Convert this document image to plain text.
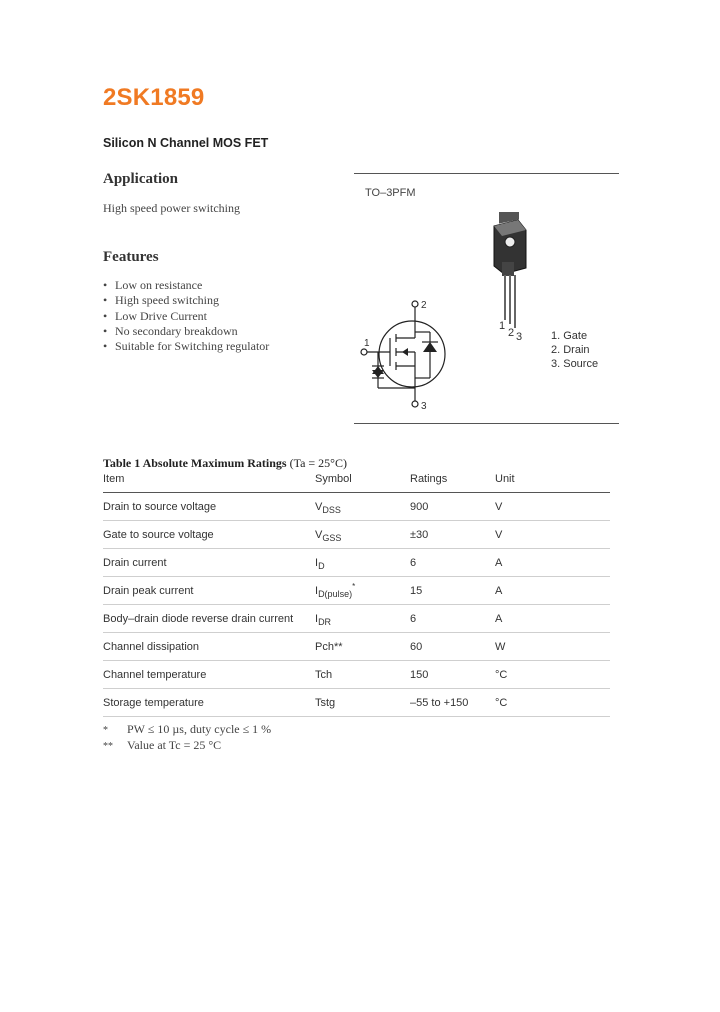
2SK1859
Silicon N Channel MOS FET
Application
High speed power switching
Features
• Low on resistance
• High speed switching
• Low Drive Current
• No secondary breakdown
• Suitable for Switching regulator
TO–3PFM
1
2 3	1. Gate
2. Drain
3. Source
2
3
1
Table 1 Absolute Maximum Ratings (Ta = 25°C)
Item	Symbol	Ratings	Unit
Drain to source voltage	$V_{DSS}$	900	V
Gate to source voltage	$V_{GSS}$	±30	V
Drain current	$I_D$	6	A
Drain peak current	$I_{D(pulse)}^*$	15	A
Body–drain diode reverse drain current	$I_{DR}$	6	A
Channel dissipation	Pch**	60	W
Channel temperature	Tch	150	°C
Storage temperature	Tstg	–55 to +150	°C
* PW ≤ 10 µs, duty cycle ≤ 1 %
** Value at Tc = 25 °C
